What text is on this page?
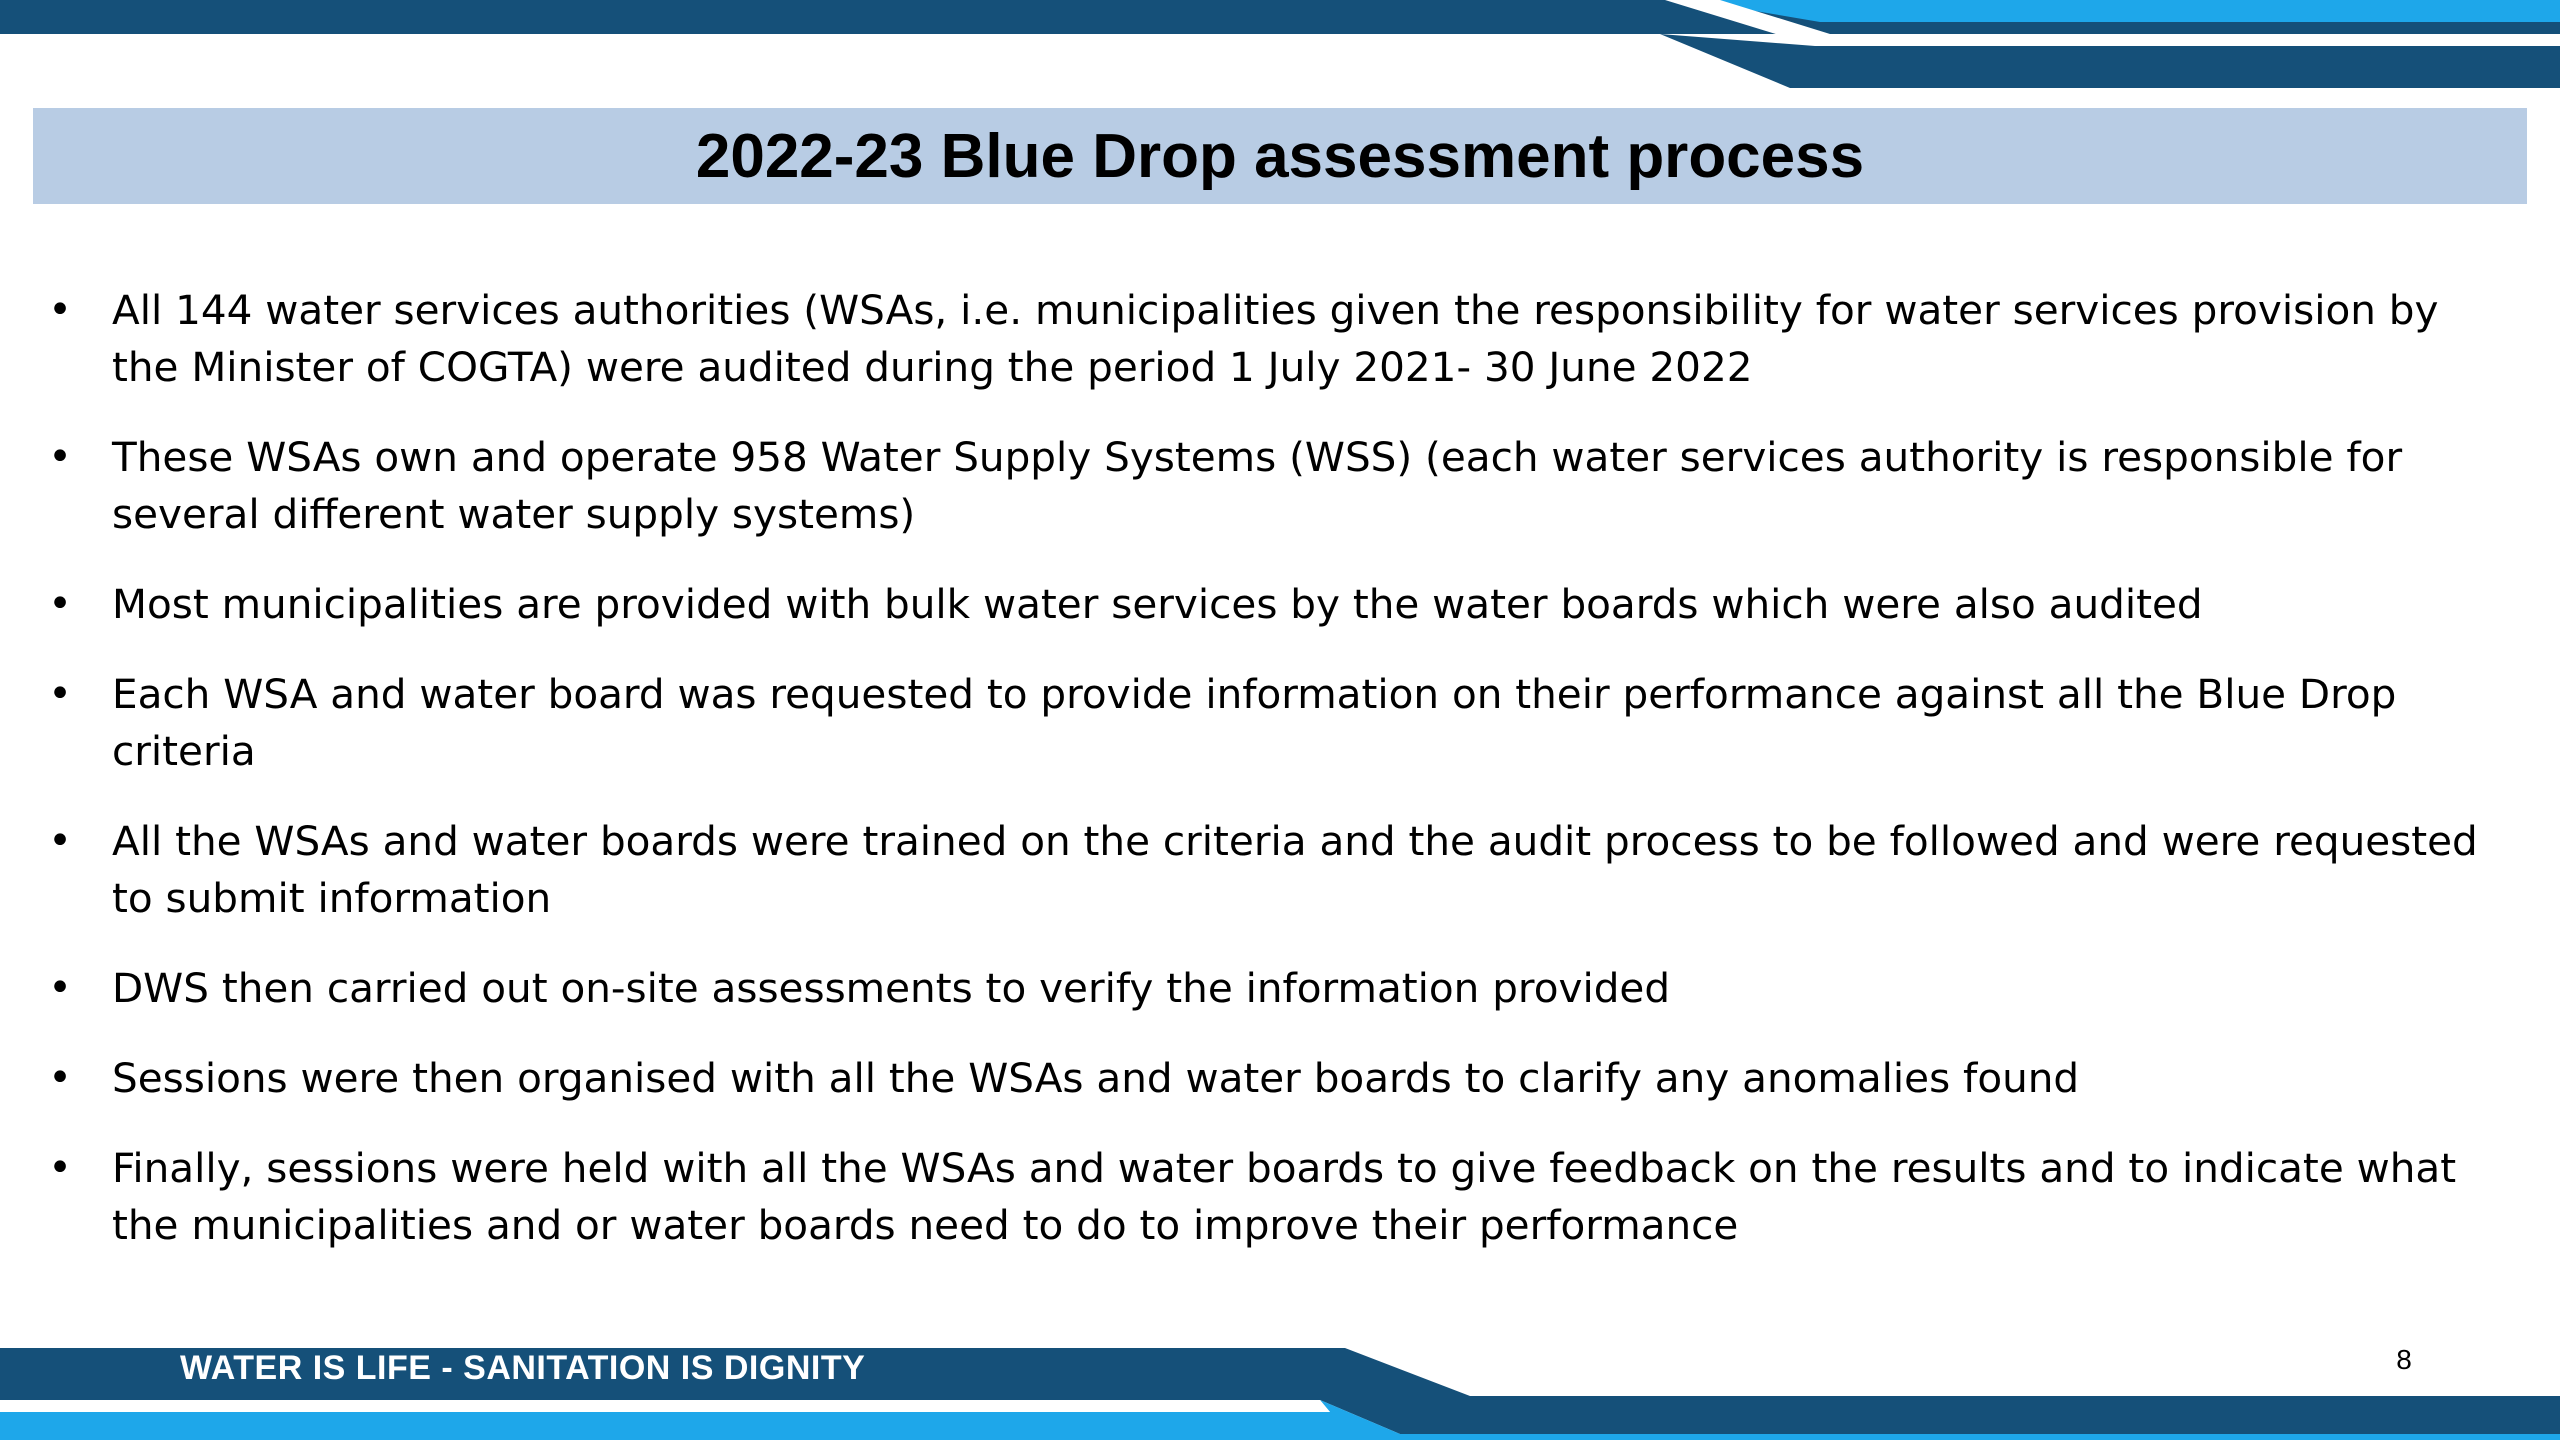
2022-23 Blue Drop assessment process
• All 144 water services authorities (WSAs, i.e. municipalities given the responsibility for water services provision by the Minister of COGTA) were audited during the period 1 July 2021- 30 June 2022
• These WSAs own and operate 958 Water Supply Systems (WSS) (each water services authority is responsible for several different water supply systems)
• Most municipalities are provided with bulk water services by the water boards which were also audited
• Each WSA and water board was requested to provide information on their performance against all the Blue Drop criteria
• All the WSAs and water boards were trained on the criteria and the audit process to be followed and were requested to submit information
• DWS then carried out on-site assessments to verify the information provided
• Sessions were then organised with all the WSAs and water boards to clarify any anomalies found
• Finally, sessions were held with all the WSAs and water boards to give feedback on the results and to indicate what the municipalities and or water boards need to do to improve their performance
WATER IS LIFE - SANITATION IS DIGNITY	8
